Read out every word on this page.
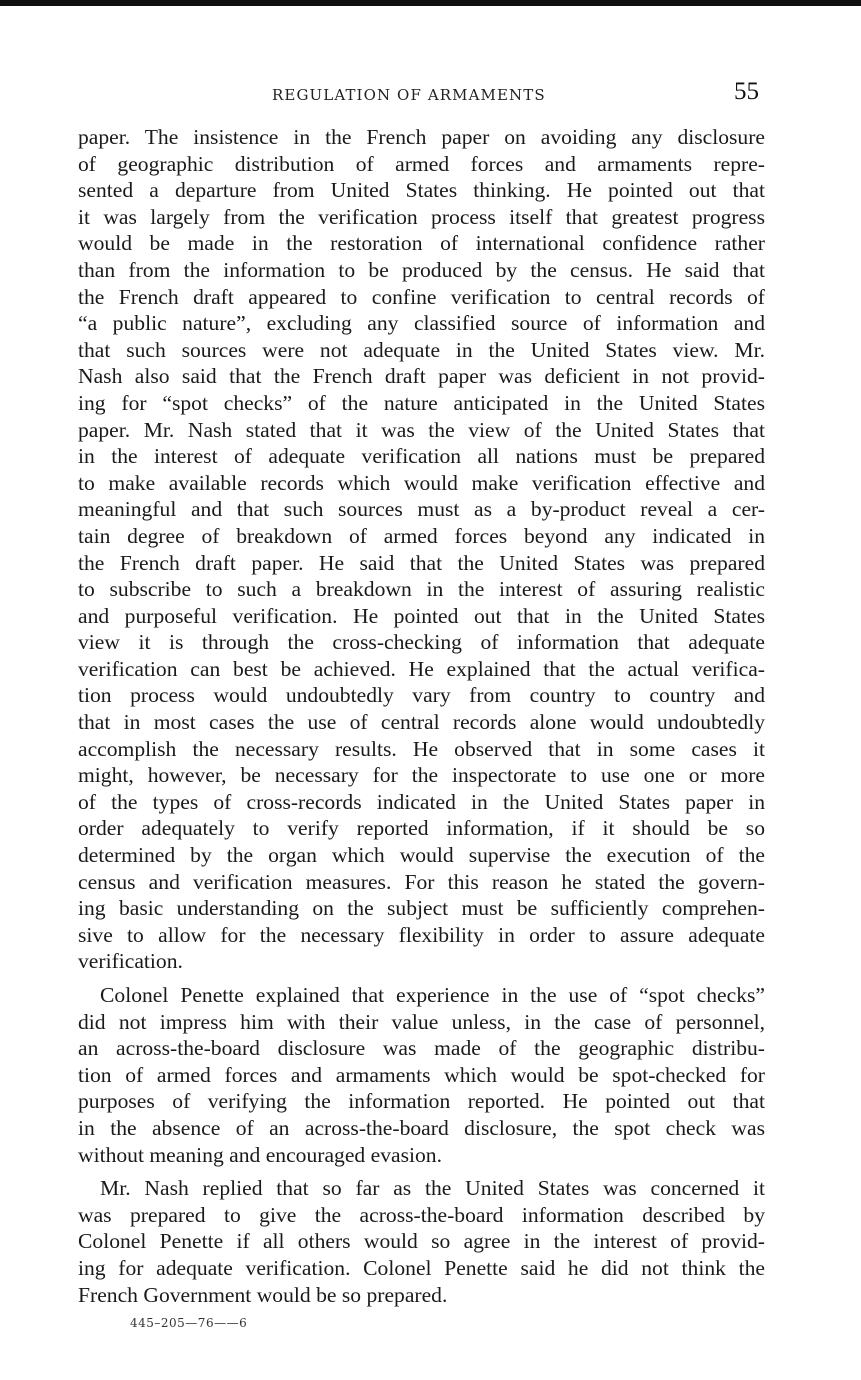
REGULATION OF ARMAMENTS	55
paper. The insistence in the French paper on avoiding any disclosure
of geographic distribution of armed forces and armaments repre-
sented a departure from United States thinking. He pointed out that
it was largely from the verification process itself that greatest progress
would be made in the restoration of international confidence rather
than from the information to be produced by the census. He said that
the French draft appeared to confine verification to central records of
“a public nature”, excluding any classified source of information and
that such sources were not adequate in the United States view. Mr.
Nash also said that the French draft paper was deficient in not provid-
ing for “spot checks” of the nature anticipated in the United States
paper. Mr. Nash stated that it was the view of the United States that
in the interest of adequate verification all nations must be prepared
to make available records which would make verification effective and
meaningful and that such sources must as a by-product reveal a cer-
tain degree of breakdown of armed forces beyond any indicated in
the French draft paper. He said that the United States was prepared
to subscribe to such a breakdown in the interest of assuring realistic
and purposeful verification. He pointed out that in the United States
view it is through the cross-checking of information that adequate
verification can best be achieved. He explained that the actual verifica-
tion process would undoubtedly vary from country to country and
that in most cases the use of central records alone would undoubtedly
accomplish the necessary results. He observed that in some cases it
might, however, be necessary for the inspectorate to use one or more
of the types of cross-records indicated in the United States paper in
order adequately to verify reported information, if it should be so
determined by the organ which would supervise the execution of the
census and verification measures. For this reason he stated the govern-
ing basic understanding on the subject must be sufficiently comprehen-
sive to allow for the necessary flexibility in order to assure adequate
verification.
Colonel Penette explained that experience in the use of “spot checks”
did not impress him with their value unless, in the case of personnel,
an across-the-board disclosure was made of the geographic distribu-
tion of armed forces and armaments which would be spot-checked for
purposes of verifying the information reported. He pointed out that
in the absence of an across-the-board disclosure, the spot check was
without meaning and encouraged evasion.
Mr. Nash replied that so far as the United States was concerned it
was prepared to give the across-the-board information described by
Colonel Penette if all others would so agree in the interest of provid-
ing for adequate verification. Colonel Penette said he did not think the
French Government would be so prepared.
445–205—76——6
